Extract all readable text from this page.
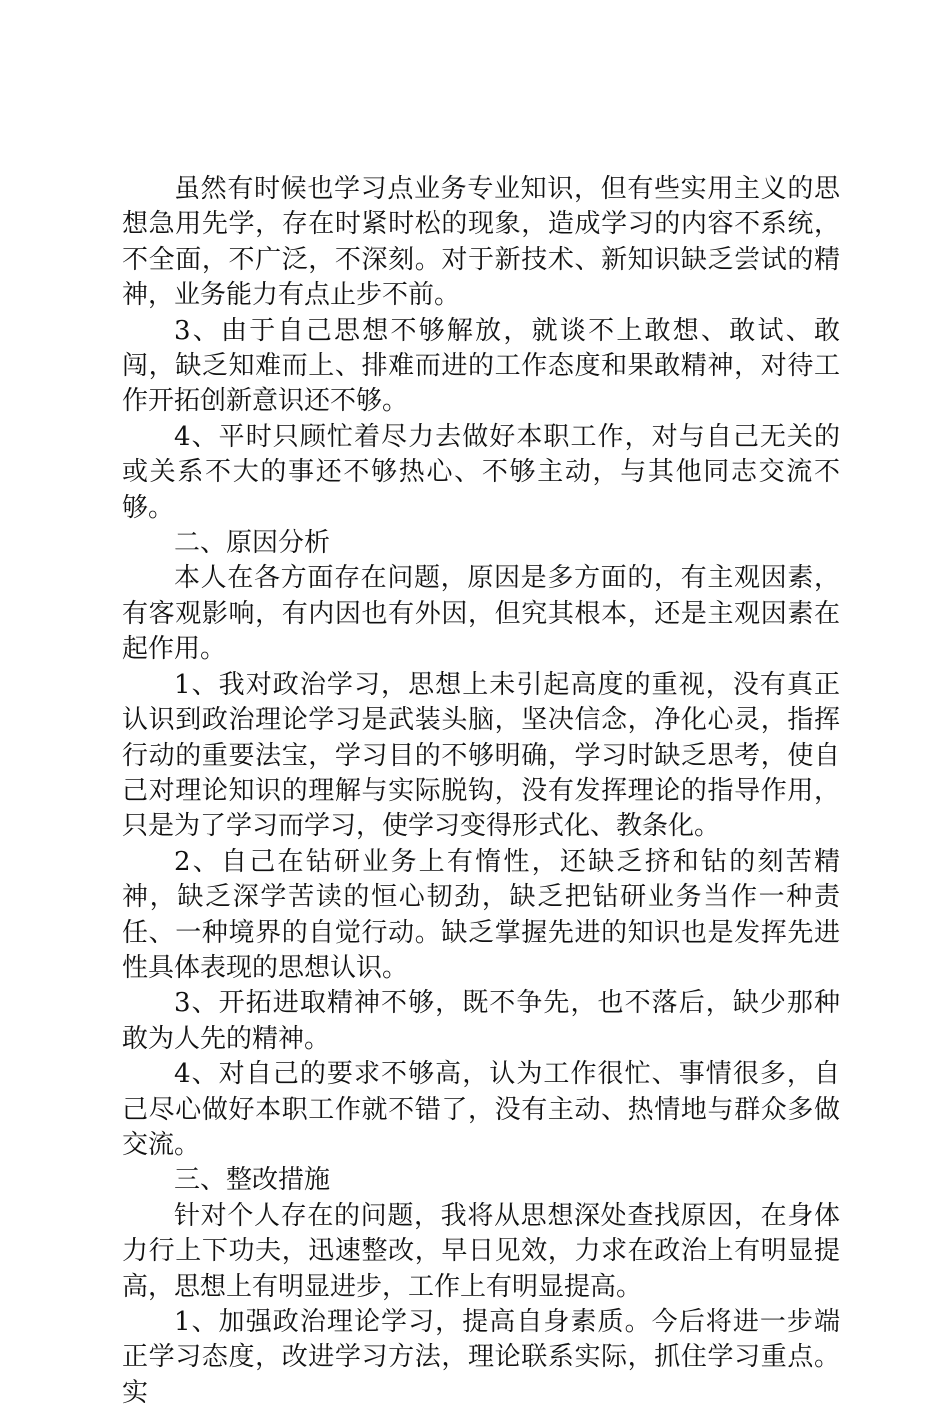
虽然有时候也学习点业务专业知识，但有些实用主义的思想急用先学，存在时紧时松的现象，造成学习的内容不系统，不全面，不广泛，不深刻。对于新技术、新知识缺乏尝试的精神，业务能力有点止步不前。

3、由于自己思想不够解放，就谈不上敢想、敢试、敢闯，缺乏知难而上、排难而进的工作态度和果敢精神，对待工作开拓创新意识还不够。

4、平时只顾忙着尽力去做好本职工作，对与自己无关的或关系不大的事还不够热心、不够主动，与其他同志交流不够。

二、原因分析

本人在各方面存在问题，原因是多方面的，有主观因素，有客观影响，有内因也有外因，但究其根本，还是主观因素在起作用。

1、我对政治学习，思想上未引起高度的重视，没有真正认识到政治理论学习是武装头脑，坚决信念，净化心灵，指挥行动的重要法宝，学习目的不够明确，学习时缺乏思考，使自己对理论知识的理解与实际脱钩，没有发挥理论的指导作用，只是为了学习而学习，使学习变得形式化、教条化。

2、自己在钻研业务上有惰性，还缺乏挤和钻的刻苦精神，缺乏深学苦读的恒心韧劲，缺乏把钻研业务当作一种责任、一种境界的自觉行动。缺乏掌握先进的知识也是发挥先进性具体表现的思想认识。

3、开拓进取精神不够，既不争先，也不落后，缺少那种敢为人先的精神。

4、对自己的要求不够高，认为工作很忙、事情很多，自己尽心做好本职工作就不错了，没有主动、热情地与群众多做交流。

三、整改措施

针对个人存在的问题，我将从思想深处查找原因，在身体力行上下功夫，迅速整改，早日见效，力求在政治上有明显提高，思想上有明显进步，工作上有明显提高。

1、加强政治理论学习，提高自身素质。今后将进一步端正学习态度，改进学习方法，理论联系实际，抓住学习重点。实
